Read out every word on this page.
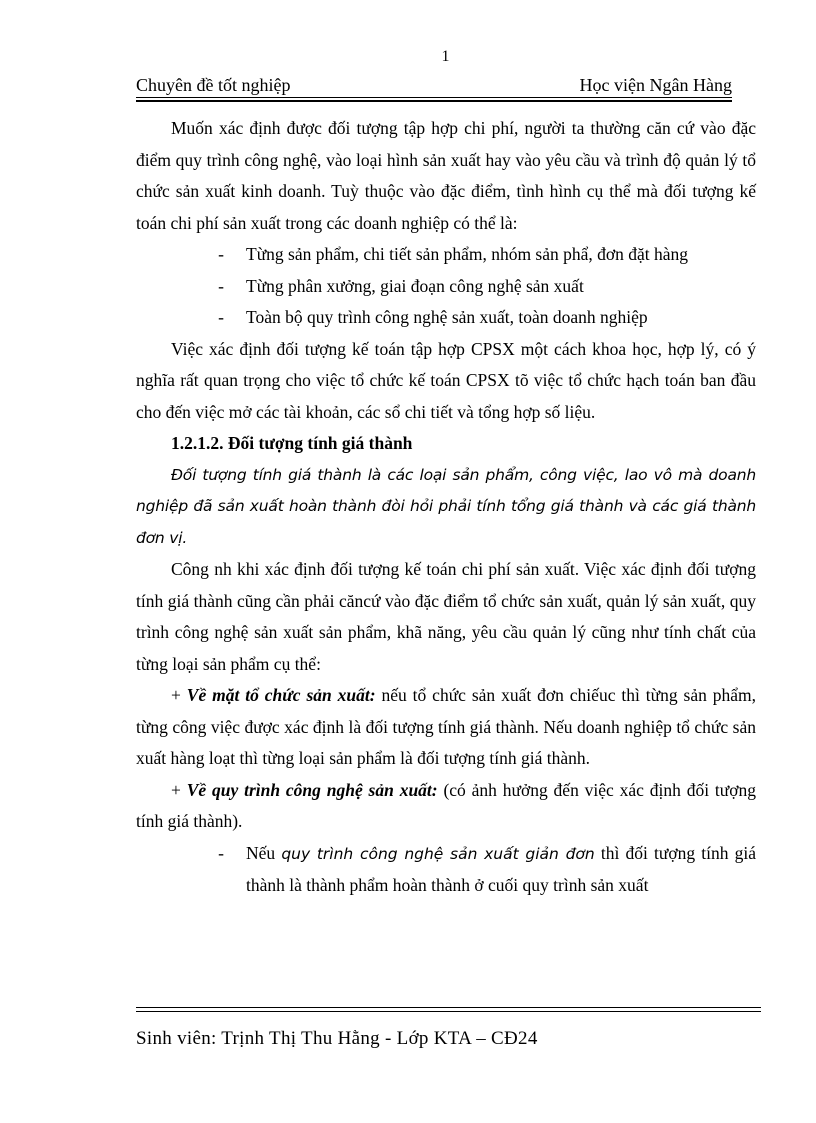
1
Chuyên đề tốt nghiệp	Học viện Ngân Hàng

Muốn xác định được đối tượng tập hợp chi phí, người ta thường căn cứ vào đặc điểm quy trình công nghệ, vào loại hình sản xuất hay vào yêu cầu và trình độ quản lý tổ chức sản xuất kinh doanh. Tuỳ thuộc vào đặc điểm, tình hình cụ thể mà đối tượng kế toán chi phí sản xuất trong các doanh nghiệp có thể là:

-	Từng sản phẩm, chi tiết sản phẩm, nhóm sản phẩ, đơn đặt hàng
-	Từng phân xưởng, giai đoạn công nghệ sản xuất
-	Toàn bộ quy trình công nghệ sản xuất, toàn doanh nghiệp

Việc xác định đối tượng kế toán tập hợp CPSX một cách khoa học, hợp lý, có ý nghĩa rất quan trọng cho việc tổ chức kế toán CPSX tõ việc tổ chức hạch toán ban đầu cho đến việc mở các tài khoản, các sổ chi tiết và tổng hợp số liệu.

1.2.1.2. Đối tượng tính giá thành

Đối tượng tính giá thành là các loại sản phẩm, công việc, lao vô mà doanh nghiệp đã sản xuất hoàn thành đòi hỏi phải tính tổng giá thành và các giá thành đơn vị.

Công nh khi xác định đối tượng kế toán chi phí sản xuất. Việc xác định đối tượng tính giá thành cũng cần phải căncứ vào đặc điểm tổ chức sản xuất, quản lý sản xuất, quy trình công nghệ sản xuất sản phẩm, khã năng, yêu cầu quản lý cũng như tính chất của từng loại sản phẩm cụ thể:

+ Về mặt tổ chức sản xuất: nếu tổ chức sản xuất đơn chiếuc thì từng sản phẩm, từng công việc được xác định là đối tượng tính giá thành. Nếu doanh nghiệp tổ chức sản xuất hàng loạt thì từng loại sản phẩm là đối tượng tính giá thành.

+ Về quy trình công nghệ sản xuất: (có ảnh hưởng đến việc xác định đối tượng tính giá thành).

-	Nếu quy trình công nghệ sản xuất giản đơn thì đối tượng tính giá thành là thành phẩm hoàn thành ở cuối quy trình sản xuất
Sinh viên: Trịnh Thị Thu Hằng - Lớp KTA – CĐ24
